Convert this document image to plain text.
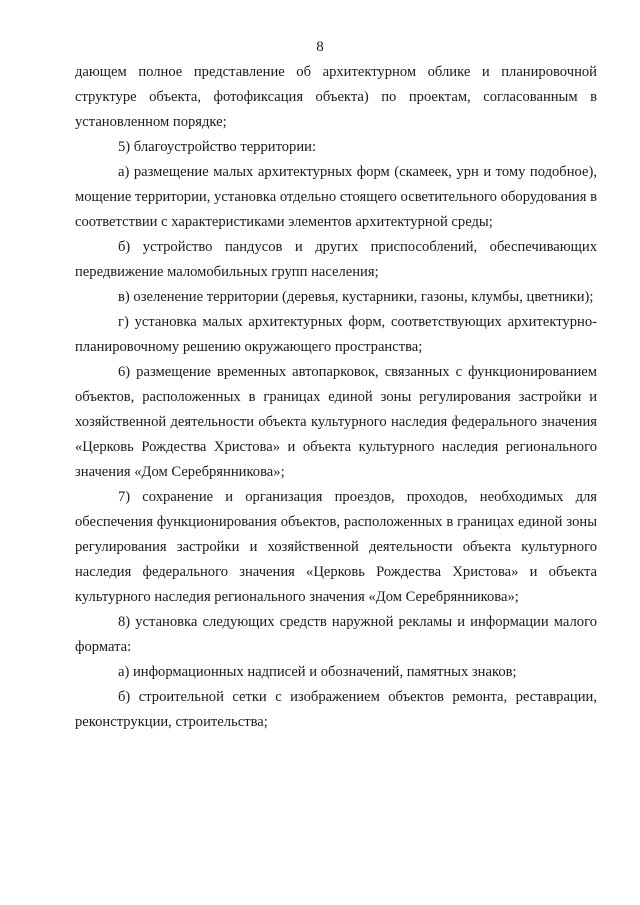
8

дающем полное представление об архитектурном облике и планировочной структуре объекта, фотофиксация объекта) по проектам, согласованным в установленном порядке;

5) благоустройство территории:

а) размещение малых архитектурных форм (скамеек, урн и тому подобное), мощение территории, установка отдельно стоящего осветительного оборудования в соответствии с характеристиками элементов архитектурной среды;

б) устройство пандусов и других приспособлений, обеспечивающих передвижение маломобильных групп населения;

в) озеленение территории (деревья, кустарники, газоны, клумбы, цветники);

г) установка малых архитектурных форм, соответствующих архитектурно-планировочному решению окружающего пространства;

6) размещение временных автопарковок, связанных с функционированием объектов, расположенных в границах единой зоны регулирования застройки и хозяйственной деятельности объекта культурного наследия федерального значения «Церковь Рождества Христова» и объекта культурного наследия регионального значения «Дом Серебрянникова»;

7) сохранение и организация проездов, проходов, необходимых для обеспечения функционирования объектов, расположенных в границах единой зоны регулирования застройки и хозяйственной деятельности объекта культурного наследия федерального значения «Церковь Рождества Христова» и объекта культурного наследия регионального значения «Дом Серебрянникова»;

8) установка следующих средств наружной рекламы и информации малого формата:

а) информационных надписей и обозначений, памятных знаков;

б) строительной сетки с изображением объектов ремонта, реставрации, реконструкции, строительства;
